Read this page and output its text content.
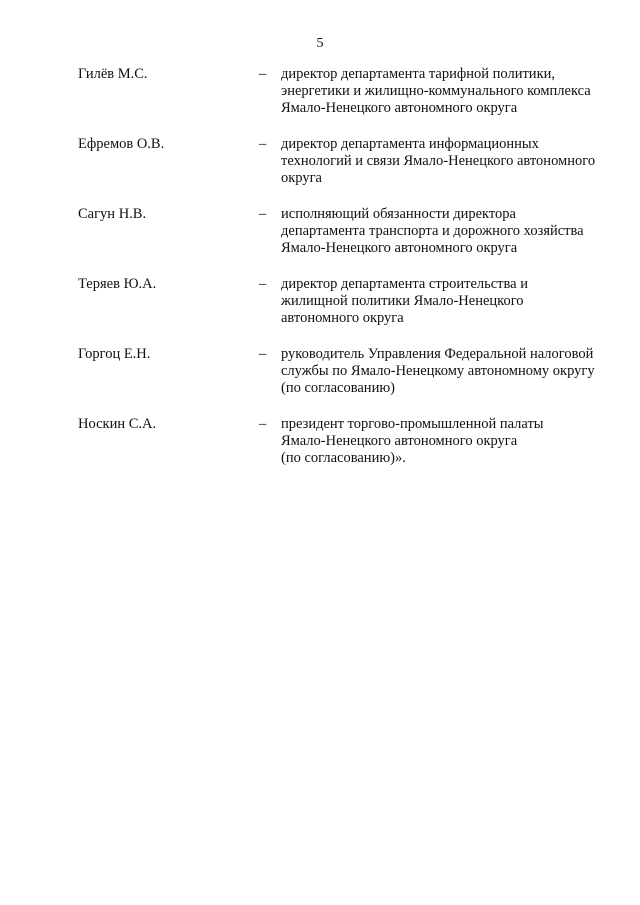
5
Гилёв М.С.	– директор департамента тарифной политики,
энергетики и жилищно-коммунального комплекса
Ямало-Ненецкого автономного округа
Ефремов О.В.	– директор департамента информационных
технологий и связи Ямало-Ненецкого автономного
округа
Сагун Н.В.	– исполняющий обязанности директора
департамента транспорта и дорожного хозяйства
Ямало-Ненецкого автономного округа
Теряев Ю.А.	– директор департамента строительства и
жилищной политики Ямало-Ненецкого
автономного округа
Горгоц Е.Н.	– руководитель Управления Федеральной налоговой
службы по Ямало-Ненецкому автономному округу
(по согласованию)
Носкин С.А.	– президент торгово-промышленной палаты
Ямало-Ненецкого автономного округа
(по согласованию)».
